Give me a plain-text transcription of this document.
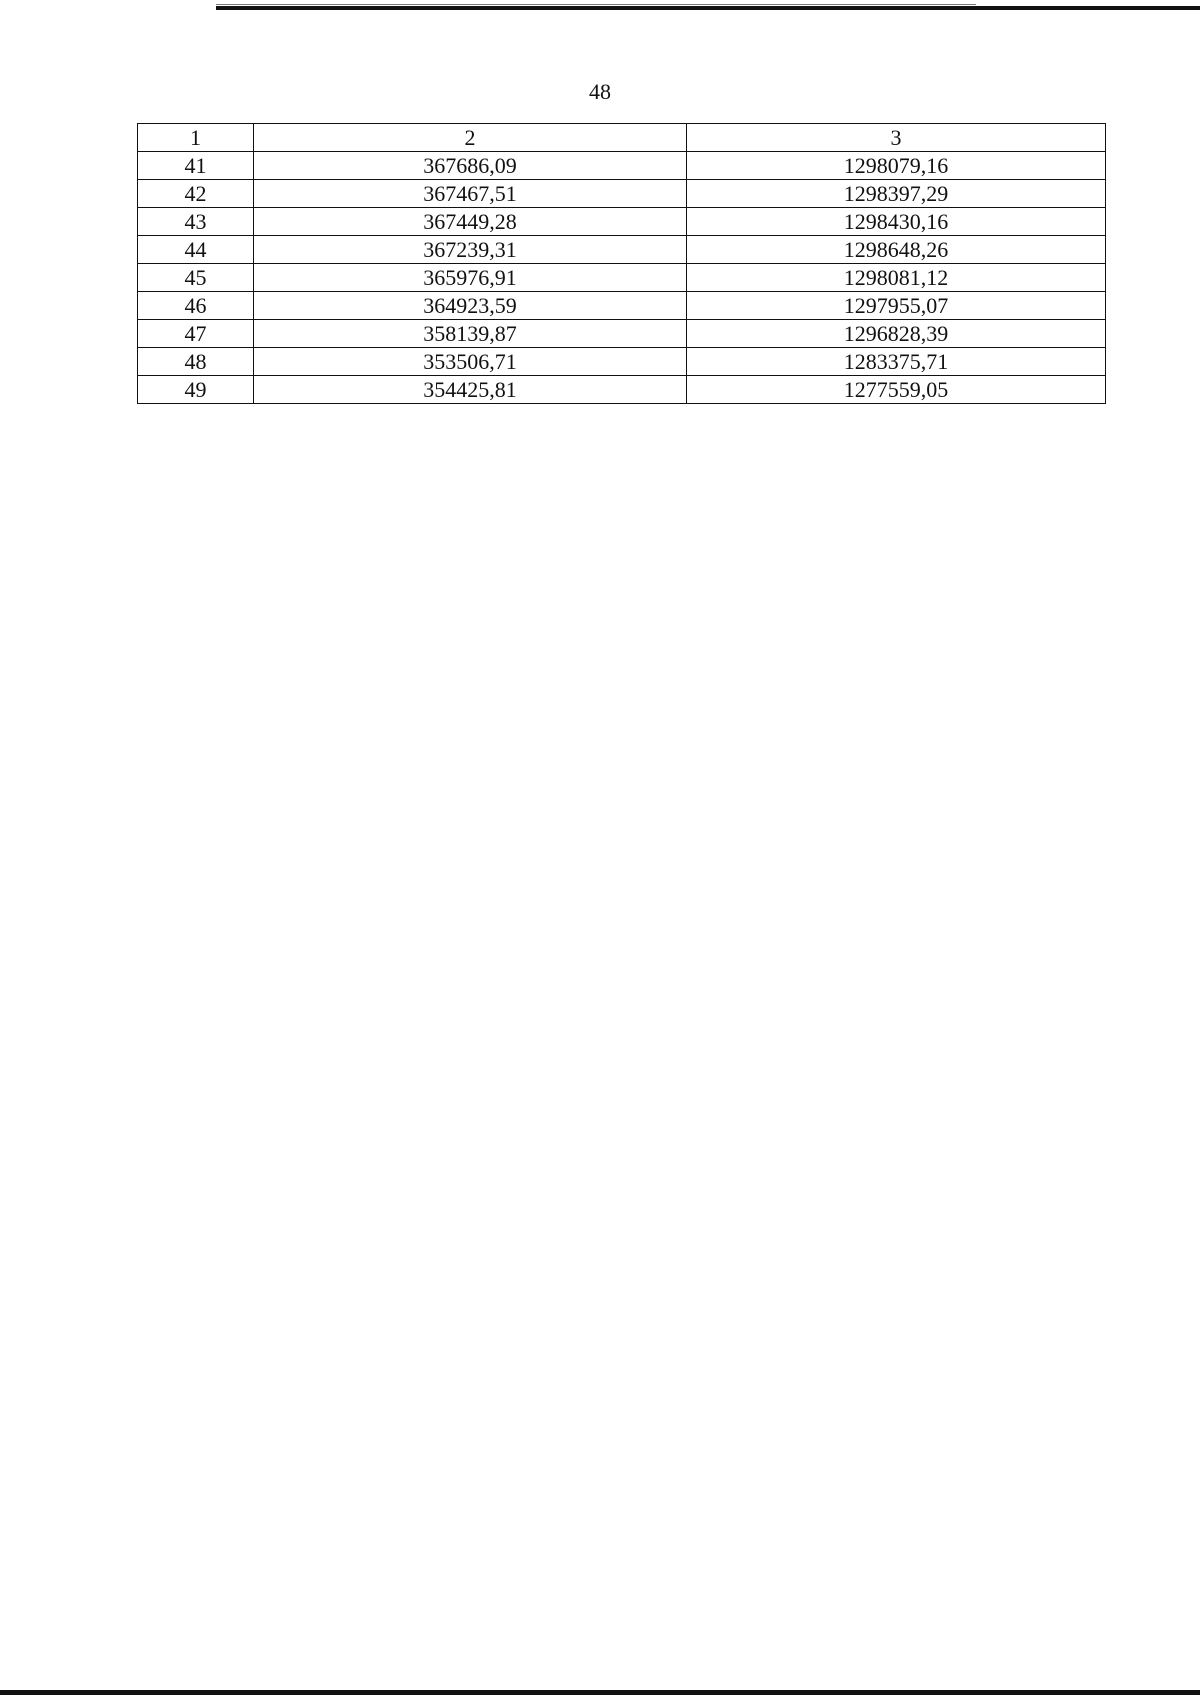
48
1	2	3
41	367686,09	1298079,16
42	367467,51	1298397,29
43	367449,28	1298430,16
44	367239,31	1298648,26
45	365976,91	1298081,12
46	364923,59	1297955,07
47	358139,87	1296828,39
48	353506,71	1283375,71
49	354425,81	1277559,05
